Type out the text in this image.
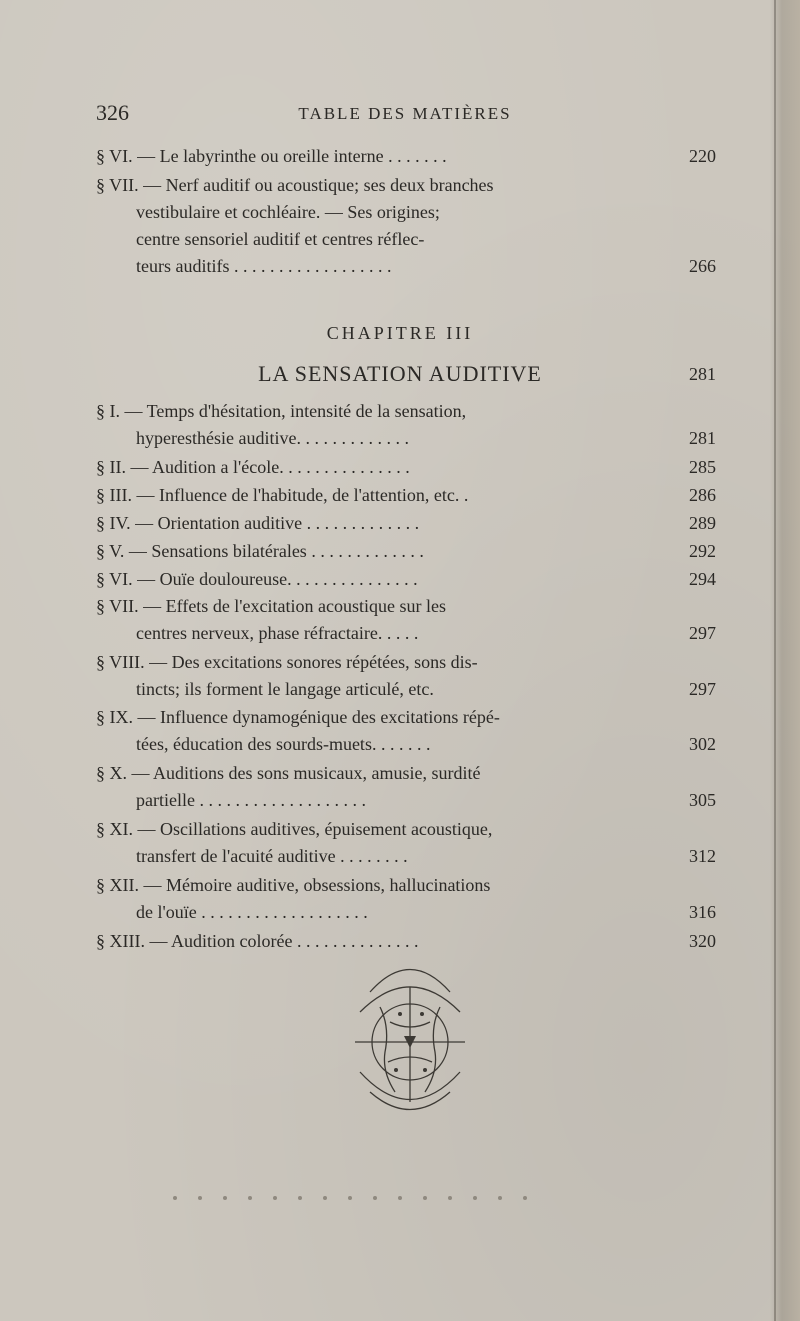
326	TABLE DES MATIÈRES
§ VI. — Le labyrinthe ou oreille interne . . . . . . .	220
§ VII. — Nerf auditif ou acoustique; ses deux branches
vestibulaire et cochléaire. — Ses origines;
centre sensoriel auditif et centres réflec-
teurs auditifs . . . . . . . . . . . . . . . . . .	266
CHAPITRE III
LA SENSATION AUDITIVE	281
§ I. — Temps d'hésitation, intensité de la sensation,
hyperesthésie auditive. . . . . . . . . . . . .	281
§ II. — Audition a l'école. . . . . . . . . . . . . . .	285
§ III. — Influence de l'habitude, de l'attention, etc. .	286
§ IV. — Orientation auditive . . . . . . . . . . . . .	289
§ V. — Sensations bilatérales . . . . . . . . . . . . .	292
§ VI. — Ouïe douloureuse. . . . . . . . . . . . . . .	294
§ VII. — Effets de l'excitation acoustique sur les
centres nerveux, phase réfractaire. . . . .	297
§ VIII. — Des excitations sonores répétées, sons dis-
tincts; ils forment le langage articulé, etc.	297
§ IX. — Influence dynamogénique des excitations répé-
tées, éducation des sourds-muets. . . . . . .	302
§ X. — Auditions des sons musicaux, amusie, surdité
partielle . . . . . . . . . . . . . . . . . . .	305
§ XI. — Oscillations auditives, épuisement acoustique,
transfert de l'acuité auditive . . . . . . . .	312
§ XII. — Mémoire auditive, obsessions, hallucinations
de l'ouïe . . . . . . . . . . . . . . . . . . .	316
§ XIII. — Audition colorée . . . . . . . . . . . . . .	320
